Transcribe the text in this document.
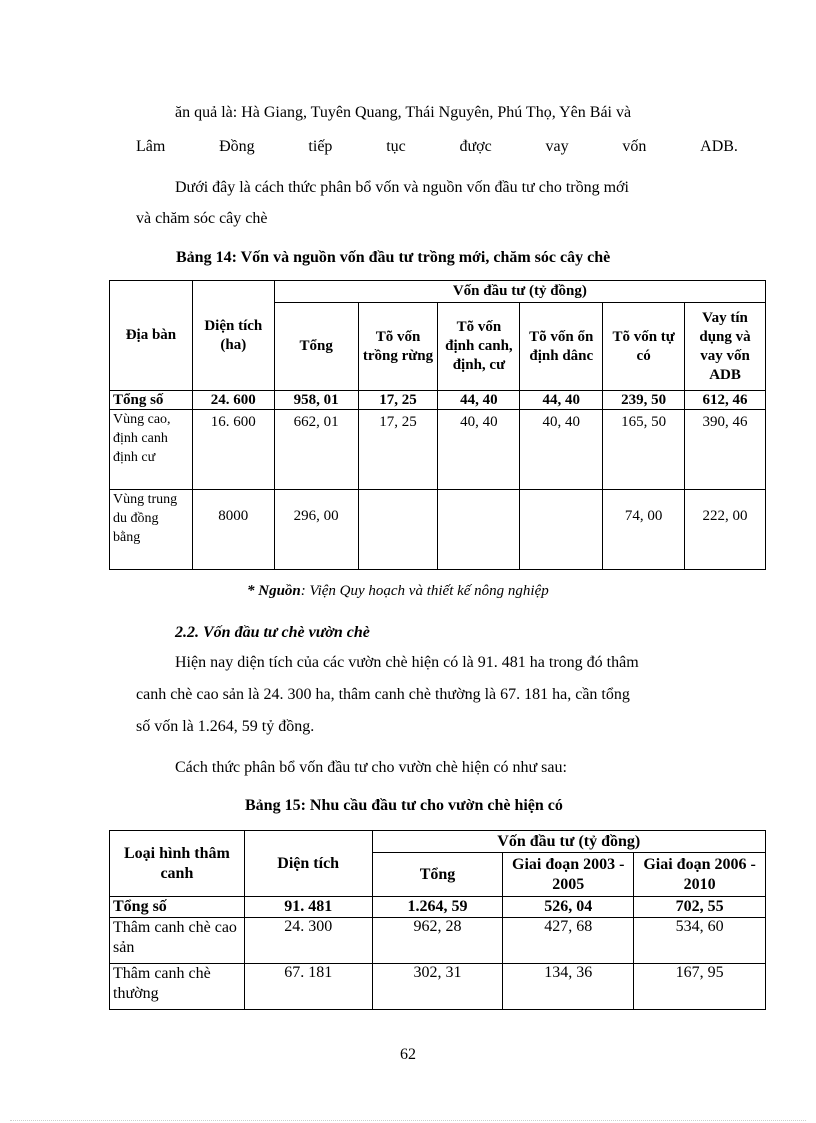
ăn quả là: Hà Giang, Tuyên Quang, Thái Nguyên, Phú Thọ, Yên Bái và
Lâm	Đồng	tiếp	tục	được	vay	vốn	ADB.
Dưới đây là cách thức phân bổ vốn và nguồn vốn đầu tư cho trồng mới
và chăm sóc cây chè
Bảng 14: Vốn và nguồn vốn đầu tư trồng mới, chăm sóc cây chè
Địa bàn	Diện tích (ha)	Vốn đầu tư (tỷ đồng)					
		Tổng	Tõ vốn trồng rừng	Tõ vốn định canh, định, cư	Tõ vốn ổn định dânc	Tõ vốn tự có	Vay tín dụng và vay vốn ADB
Tổng số	24. 600	958, 01	17, 25	44, 40	44, 40	239, 50	612, 46
Vùng cao, định canh định cư	16. 600	662, 01	17, 25	40, 40	40, 40	165, 50	390, 46
Vùng trung du đồng bằng	8000	296, 00				74, 00	222, 00
* Nguồn: Viện Quy hoạch và thiết kế nông nghiệp
2.2. Vốn đầu tư chè vườn chè
Hiện nay diện tích của các vườn chè hiện có là 91. 481 ha trong đó thâm
canh chè cao sản là 24. 300 ha, thâm canh chè thường là 67. 181 ha, cần tổng
số vốn là 1.264, 59 tỷ đồng.
Cách thức phân bổ vốn đầu tư cho vườn chè hiện có như sau:
Bảng 15: Nhu cầu đầu tư cho vườn chè hiện có
Loại hình thâm canh	Diện tích	Vốn đầu tư (tỷ đồng)		
		Tổng	Giai đoạn 2003 - 2005	Giai đoạn 2006 - 2010
Tổng số	91. 481	1.264, 59	526, 04	702, 55
Thâm canh chè cao sản	24. 300	962, 28	427, 68	534, 60
Thâm canh chè thường	67. 181	302, 31	134, 36	167, 95
62
